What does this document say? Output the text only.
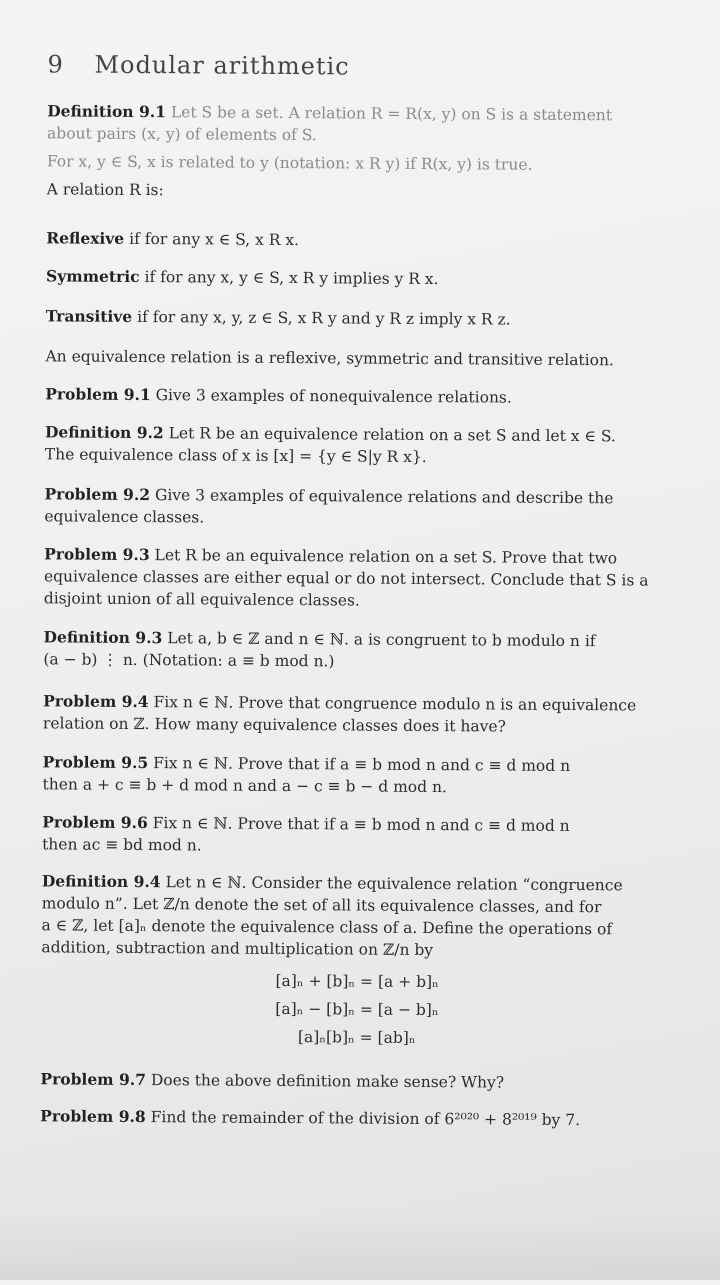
9 Modular arithmetic
Definition 9.1 Let S be a set. A relation R = R(x, y) on S is a statement
about pairs (x, y) of elements of S.
For x, y ∈ S, x is related to y (notation: x R y) if R(x, y) is true.
A relation R is:
Reflexive if for any x ∈ S, x R x.
Symmetric if for any x, y ∈ S, x R y implies y R x.
Transitive if for any x, y, z ∈ S, x R y and y R z imply x R z.
An equivalence relation is a reflexive, symmetric and transitive relation.
Problem 9.1 Give 3 examples of nonequivalence relations.
Definition 9.2 Let R be an equivalence relation on a set S and let x ∈ S.
The equivalence class of x is [x] = {y ∈ S|y R x}.
Problem 9.2 Give 3 examples of equivalence relations and describe the
equivalence classes.
Problem 9.3 Let R be an equivalence relation on a set S. Prove that two
equivalence classes are either equal or do not intersect. Conclude that S is a
disjoint union of all equivalence classes.
Definition 9.3 Let a, b ∈ ℤ and n ∈ ℕ. a is congruent to b modulo n if
(a − b) ⋮ n. (Notation: a ≡ b mod n.)
Problem 9.4 Fix n ∈ ℕ. Prove that congruence modulo n is an equivalence
relation on ℤ. How many equivalence classes does it have?
Problem 9.5 Fix n ∈ ℕ. Prove that if a ≡ b mod n and c ≡ d mod n
then a + c ≡ b + d mod n and a − c ≡ b − d mod n.
Problem 9.6 Fix n ∈ ℕ. Prove that if a ≡ b mod n and c ≡ d mod n
then ac ≡ bd mod n.
Definition 9.4 Let n ∈ ℕ. Consider the equivalence relation “congruence
modulo n”. Let ℤ/n denote the set of all its equivalence classes, and for
a ∈ ℤ, let [a]ₙ denote the equivalence class of a. Define the operations of
addition, subtraction and multiplication on ℤ/n by
[a]ₙ + [b]ₙ = [a + b]ₙ
[a]ₙ − [b]ₙ = [a − b]ₙ
[a]ₙ[b]ₙ = [ab]ₙ
Problem 9.7 Does the above definition make sense? Why?
Problem 9.8 Find the remainder of the division of 6²⁰²⁰ + 8²⁰¹⁹ by 7.
